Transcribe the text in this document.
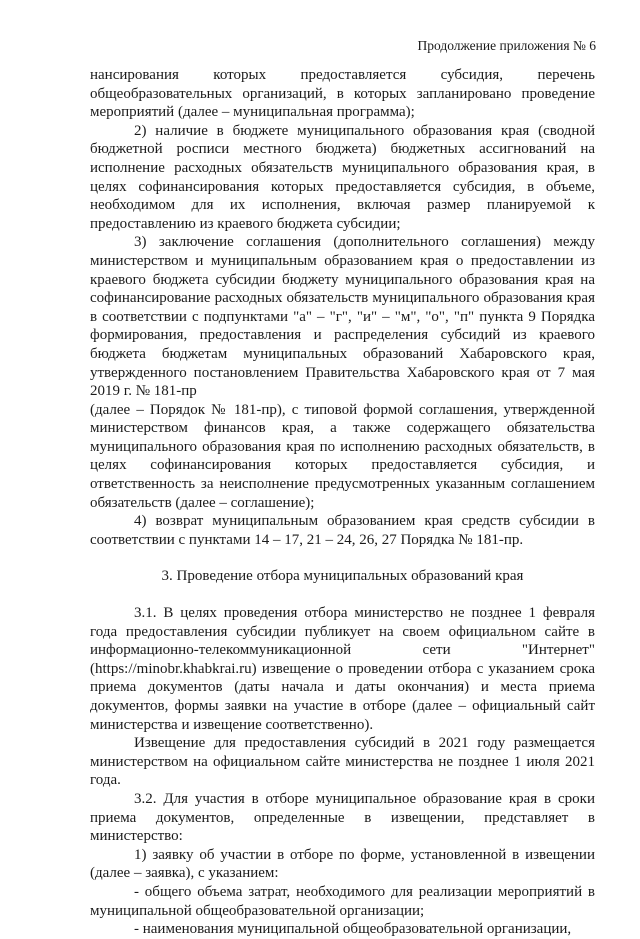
Продолжение приложения № 6

нансирования которых предоставляется субсидия, перечень общеобразовательных организаций, в которых запланировано проведение мероприятий (далее – муниципальная программа);

2) наличие в бюджете муниципального образования края (сводной бюджетной росписи местного бюджета) бюджетных ассигнований на исполнение расходных обязательств муниципального образования края, в целях софинансирования которых предоставляется субсидия, в объеме, необходимом для их исполнения, включая размер планируемой к предоставлению из краевого бюджета субсидии;

3) заключение соглашения (дополнительного соглашения) между министерством и муниципальным образованием края о предоставлении из краевого бюджета субсидии бюджету муниципального образования края на софинансирование расходных обязательств муниципального образования края в соответствии с подпунктами "а" – "г", "и" – "м", "о", "п" пункта 9 Порядка формирования, предоставления и распределения субсидий из краевого бюджета бюджетам муниципальных образований Хабаровского края, утвержденного постановлением Правительства Хабаровского края от 7 мая 2019 г. № 181-пр

(далее – Порядок № 181-пр), с типовой формой соглашения, утвержденной министерством финансов края, а также содержащего обязательства муниципального образования края по исполнению расходных обязательств, в целях софинансирования которых предоставляется субсидия, и ответственность за неисполнение предусмотренных указанным соглашением обязательств (далее – соглашение);

4) возврат муниципальным образованием края средств субсидии в соответствии с пунктами 14 – 17, 21 – 24, 26, 27 Порядка № 181-пр.

3. Проведение отбора муниципальных образований края

3.1. В целях проведения отбора министерство не позднее 1 февраля года предоставления субсидии публикует на своем официальном сайте в информационно-телекоммуникационной сети "Интернет" (https://minobr.khabkrai.ru) извещение о проведении отбора с указанием срока приема документов (даты начала и даты окончания) и места приема документов, формы заявки на участие в отборе (далее – официальный сайт министерства и извещение соответственно).

Извещение для предоставления субсидий в 2021 году размещается министерством на официальном сайте министерства не позднее 1 июля 2021 года.

3.2. Для участия в отборе муниципальное образование края в сроки приема документов, определенные в извещении, представляет в министерство:

1) заявку об участии в отборе по форме, установленной в извещении (далее – заявка), с указанием:

- общего объема затрат, необходимого для реализации мероприятий в муниципальной общеобразовательной организации;

- наименования муниципальной общеобразовательной организации,
